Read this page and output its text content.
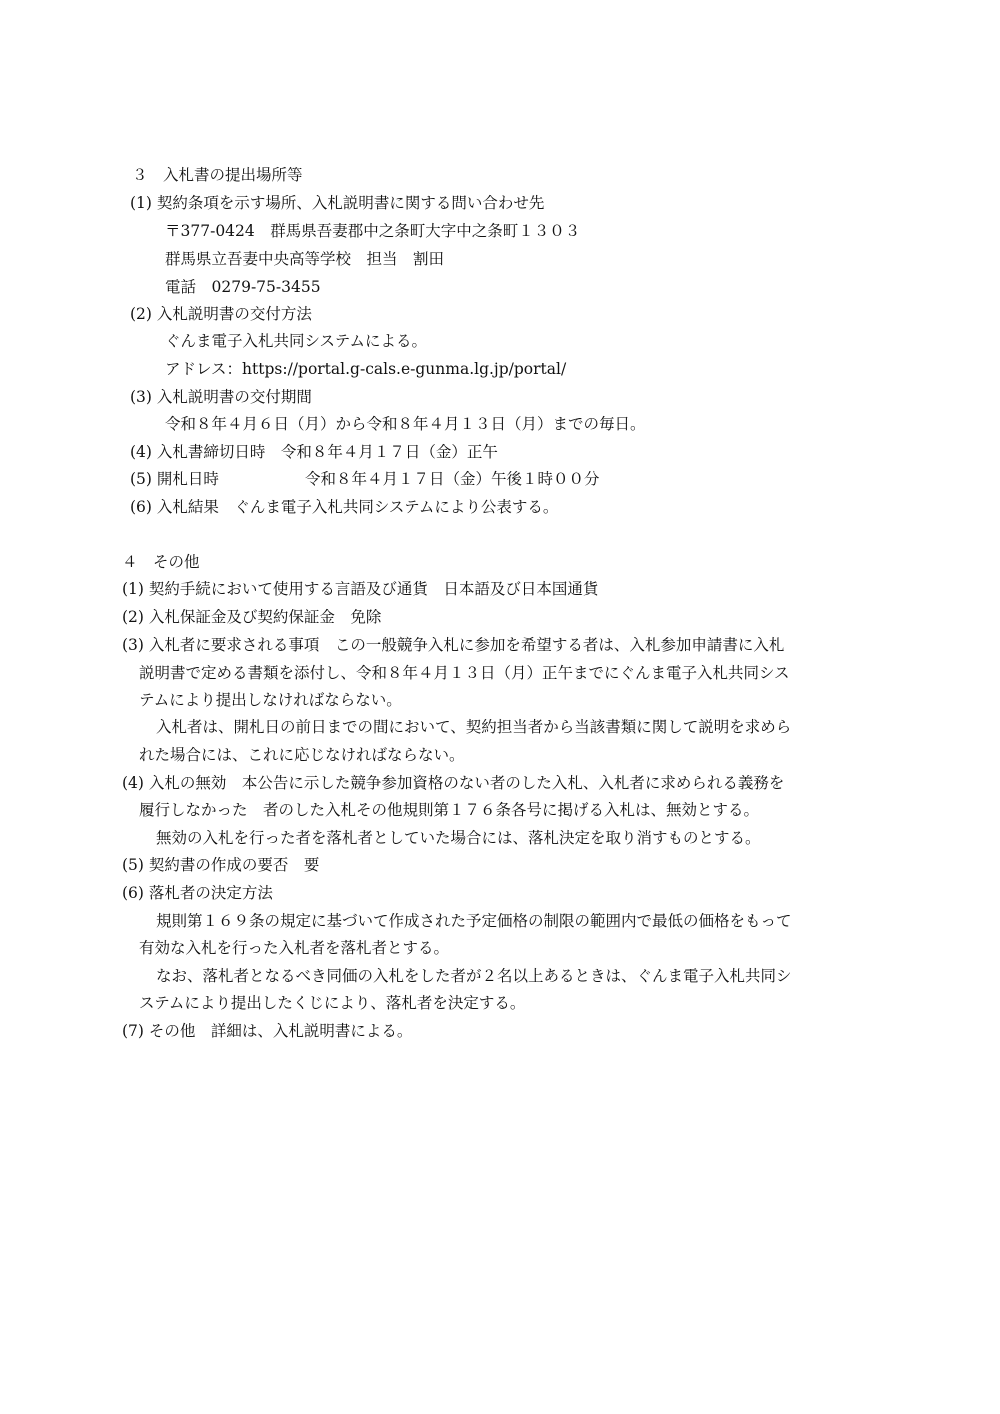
３　入札書の提出場所等
(1) 契約条項を示す場所、入札説明書に関する問い合わせ先
〒377-0424　群馬県吾妻郡中之条町大字中之条町１３０３
群馬県立吾妻中央高等学校　担当　割田
電話　0279-75-3455
(2) 入札説明書の交付方法
ぐんま電子入札共同システムによる。
アドレス：https://portal.g-cals.e-gunma.lg.jp/portal/
(3) 入札説明書の交付期間
令和８年４月６日（月）から令和８年４月１３日（月）までの毎日。
(4) 入札書締切日時　令和８年４月１７日（金）正午
(5) 開札日時	令和８年４月１７日（金）午後１時００分
(6) 入札結果　ぐんま電子入札共同システムにより公表する。
４　その他
(1) 契約手続において使用する言語及び通貨　日本語及び日本国通貨
(2) 入札保証金及び契約保証金　免除
(3) 入札者に要求される事項　この一般競争入札に参加を希望する者は、入札参加申請書に入札
説明書で定める書類を添付し、令和８年４月１３日（月）正午までにぐんま電子入札共同シス
テムにより提出しなければならない。
入札者は、開札日の前日までの間において、契約担当者から当該書類に関して説明を求めら
れた場合には、これに応じなければならない。
(4) 入札の無効　本公告に示した競争参加資格のない者のした入札、入札者に求められる義務を
履行しなかった　者のした入札その他規則第１７６条各号に掲げる入札は、無効とする。
無効の入札を行った者を落札者としていた場合には、落札決定を取り消すものとする。
(5) 契約書の作成の要否　要
(6) 落札者の決定方法
規則第１６９条の規定に基づいて作成された予定価格の制限の範囲内で最低の価格をもって
有効な入札を行った入札者を落札者とする。
なお、落札者となるべき同価の入札をした者が２名以上あるときは、ぐんま電子入札共同シ
ステムにより提出したくじにより、落札者を決定する。
(7) その他　詳細は、入札説明書による。
